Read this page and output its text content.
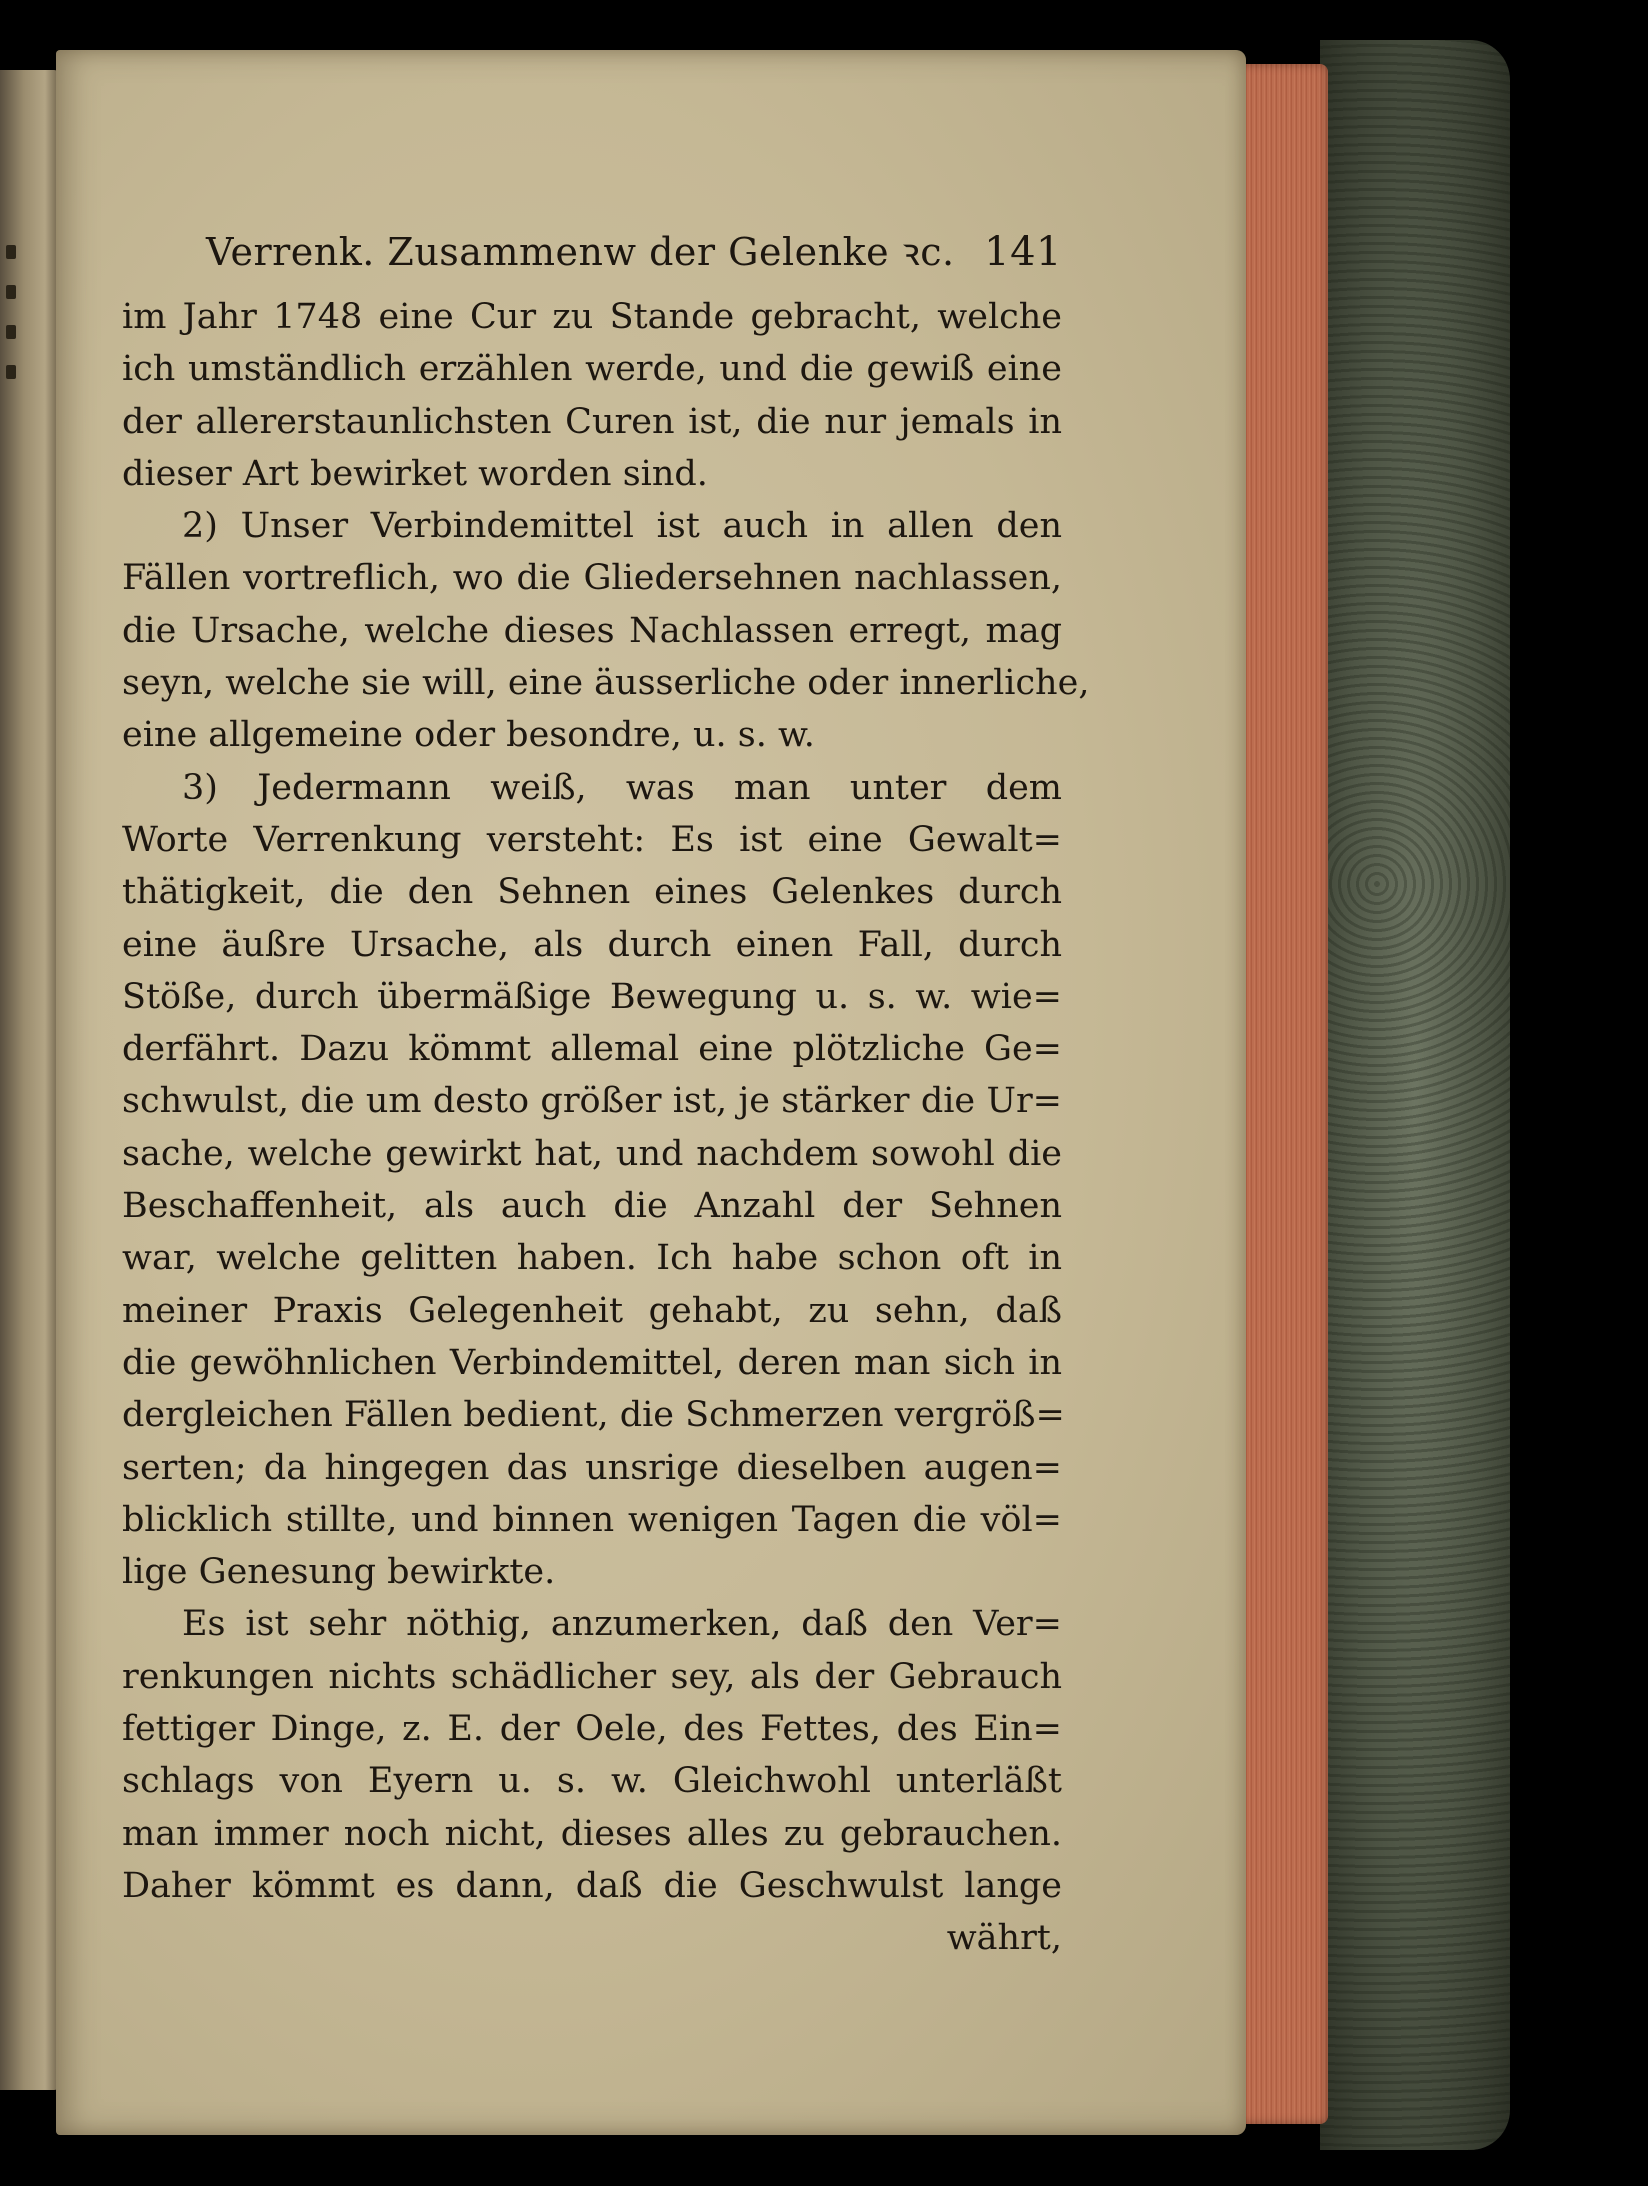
Verrenk. Zusammenw der Gelenke ꝛc. 141
im Jahr 1748 eine Cur zu Stande gebracht, welche
ich umständlich erzählen werde, und die gewiß eine
der allererstaunlichsten Curen ist, die nur jemals in
dieser Art bewirket worden sind.
2) Unser Verbindemittel ist auch in allen den
Fällen vortreflich, wo die Gliedersehnen nachlassen,
die Ursache, welche dieses Nachlassen erregt, mag
seyn, welche sie will, eine äusserliche oder innerliche,
eine allgemeine oder besondre, u. s. w.
3) Jedermann weiß, was man unter dem
Worte Verrenkung versteht: Es ist eine Gewalt=
thätigkeit, die den Sehnen eines Gelenkes durch
eine äußre Ursache, als durch einen Fall, durch
Stöße, durch übermäßige Bewegung u. s. w. wie=
derfährt. Dazu kömmt allemal eine plötzliche Ge=
schwulst, die um desto größer ist, je stärker die Ur=
sache, welche gewirkt hat, und nachdem sowohl die
Beschaffenheit, als auch die Anzahl der Sehnen
war, welche gelitten haben. Ich habe schon oft in
meiner Praxis Gelegenheit gehabt, zu sehn, daß
die gewöhnlichen Verbindemittel, deren man sich in
dergleichen Fällen bedient, die Schmerzen vergröß=
serten; da hingegen das unsrige dieselben augen=
blicklich stillte, und binnen wenigen Tagen die völ=
lige Genesung bewirkte.
Es ist sehr nöthig, anzumerken, daß den Ver=
renkungen nichts schädlicher sey, als der Gebrauch
fettiger Dinge, z. E. der Oele, des Fettes, des Ein=
schlags von Eyern u. s. w. Gleichwohl unterläßt
man immer noch nicht, dieses alles zu gebrauchen.
Daher kömmt es dann, daß die Geschwulst lange
währt,
